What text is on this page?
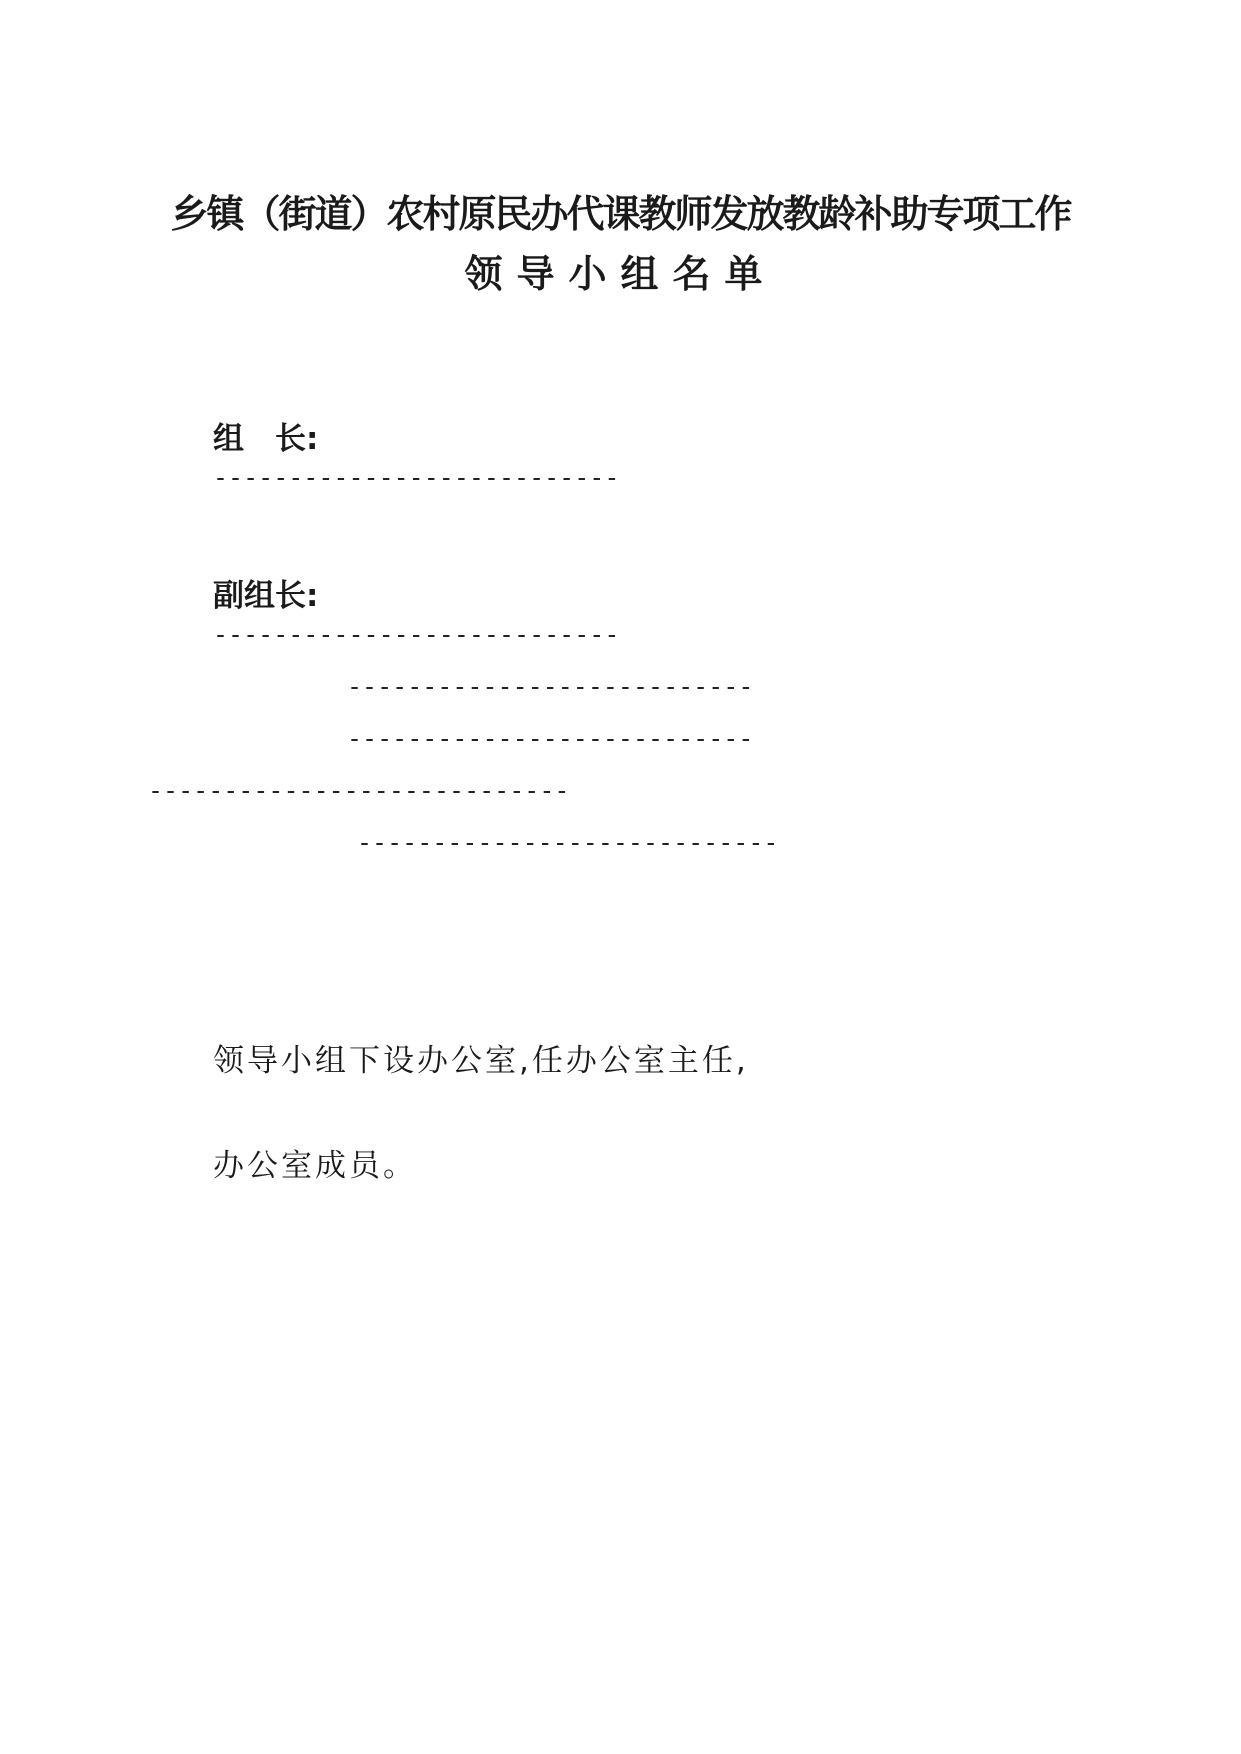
乡镇（街道）农村原民办代课教师发放教龄补助专项工作
领导小组名单
组　长:
---------------------------
副组长:
---------------------------
---------------------------
---------------------------
----------------------------
----------------------------
领导小组下设办公室,任办公室主任,
办公室成员。
